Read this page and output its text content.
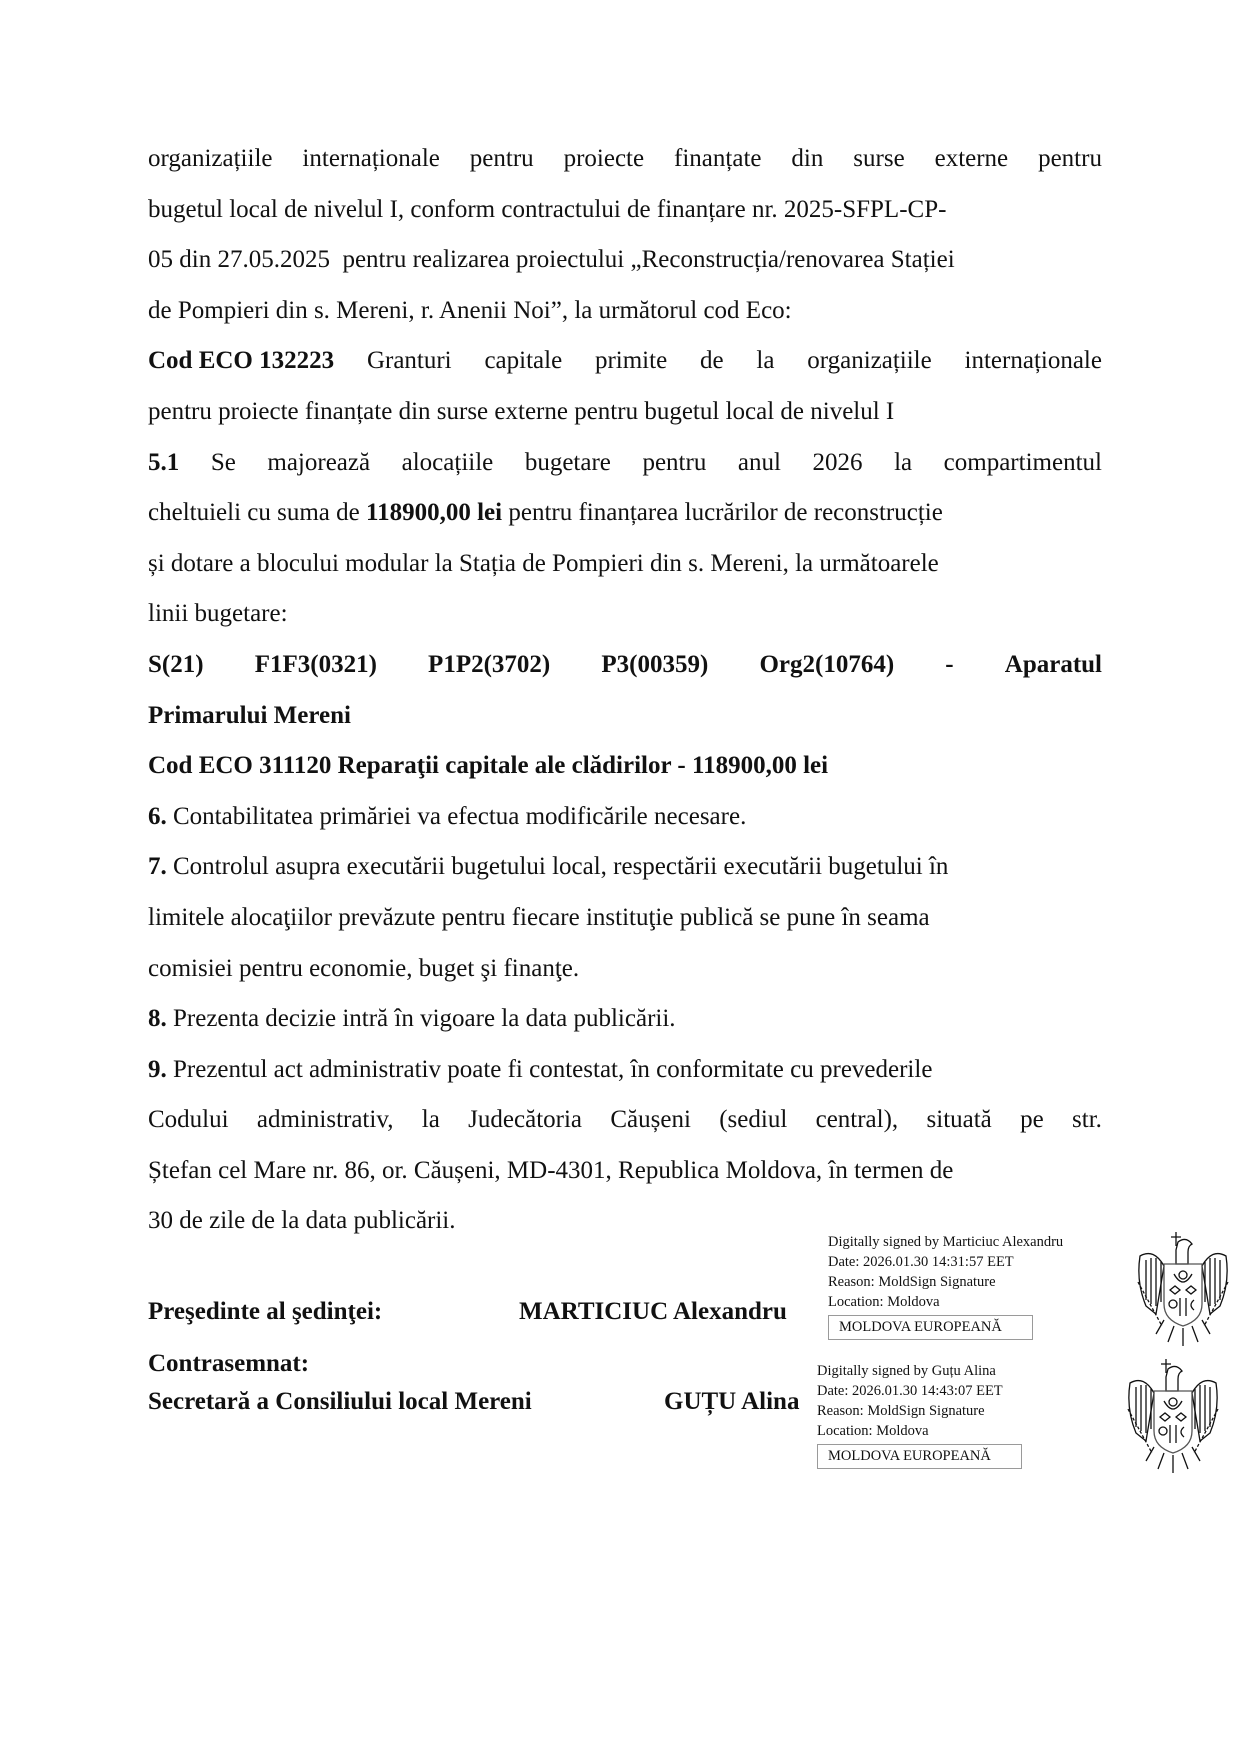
organizațiile internaționale pentru proiecte finanțate din surse externe pentru
bugetul local de nivelul I, conform contractului de finanțare nr. 2025-SFPL-CP-
05 din 27.05.2025  pentru realizarea proiectului „Reconstrucția/renovarea Stației
de Pompieri din s. Mereni, r. Anenii Noi”, la următorul cod Eco:
Cod ECO 132223 Granturi capitale primite de la organizațiile internaționale
pentru proiecte finanțate din surse externe pentru bugetul local de nivelul I
5.1 Se majorează alocațiile bugetare pentru anul 2026 la compartimentul
cheltuieli cu suma de 118900,00 lei pentru finanțarea lucrărilor de reconstrucție
și dotare a blocului modular la Stația de Pompieri din s. Mereni, la următoarele
linii bugetare:
S(21) F1F3(0321) P1P2(3702) P3(00359) Org2(10764) - Aparatul
Primarului Mereni
Cod ECO 311120 Reparaţii capitale ale clădirilor - 118900,00 lei
6. Contabilitatea primăriei va efectua modificările necesare.
7. Controlul asupra executării bugetului local, respectării executării bugetului în
limitele alocaţiilor prevăzute pentru fiecare instituţie publică se pune în seama
comisiei pentru economie, buget şi finanţe.
8. Prezenta decizie intră în vigoare la data publicării.
9. Prezentul act administrativ poate fi contestat, în conformitate cu prevederile
Codului administrativ, la Judecătoria Căușeni (sediul central), situată pe str.
Ștefan cel Mare nr. 86, or. Căușeni, MD-4301, Republica Moldova, în termen de
30 de zile de la data publicării.
Preşedinte al şedinţei:	MARTICIUC Alexandru
Contrasemnat:
Secretară a Consiliului local Mereni	GUȚU Alina
Digitally signed by Marticiuc Alexandru
Date: 2026.01.30 14:31:57 EET
Reason: MoldSign Signature
Location: Moldova
MOLDOVA EUROPEANĂ
Digitally signed by Guțu Alina
Date: 2026.01.30 14:43:07 EET
Reason: MoldSign Signature
Location: Moldova
MOLDOVA EUROPEANĂ
